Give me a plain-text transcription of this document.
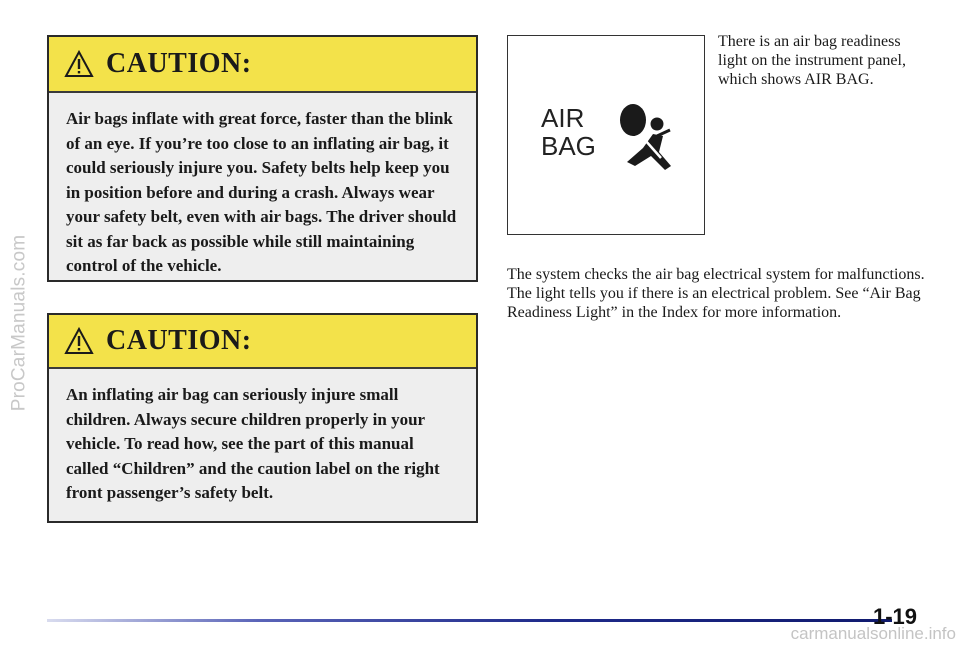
ProCarManuals.com
CAUTION:
Air bags inflate with great force, faster than the blink of an eye. If you’re too close to an inflating air bag, it could seriously injure you. Safety belts help keep you in position before and during a crash. Always wear your safety belt, even with air bags. The driver should sit as far back as possible while still maintaining control of the vehicle.
CAUTION:
An inflating air bag can seriously injure small children. Always secure children properly in your vehicle. To read how, see the part of this manual called “Children” and the caution label on the right front passenger’s safety belt.
AIR
BAG
There is an air bag readiness light on the instrument panel, which shows AIR BAG.
The system checks the air bag electrical system for malfunctions. The light tells you if there is an electrical problem. See “Air Bag Readiness Light” in the Index for more information.
1-19
carmanualsonline.info
